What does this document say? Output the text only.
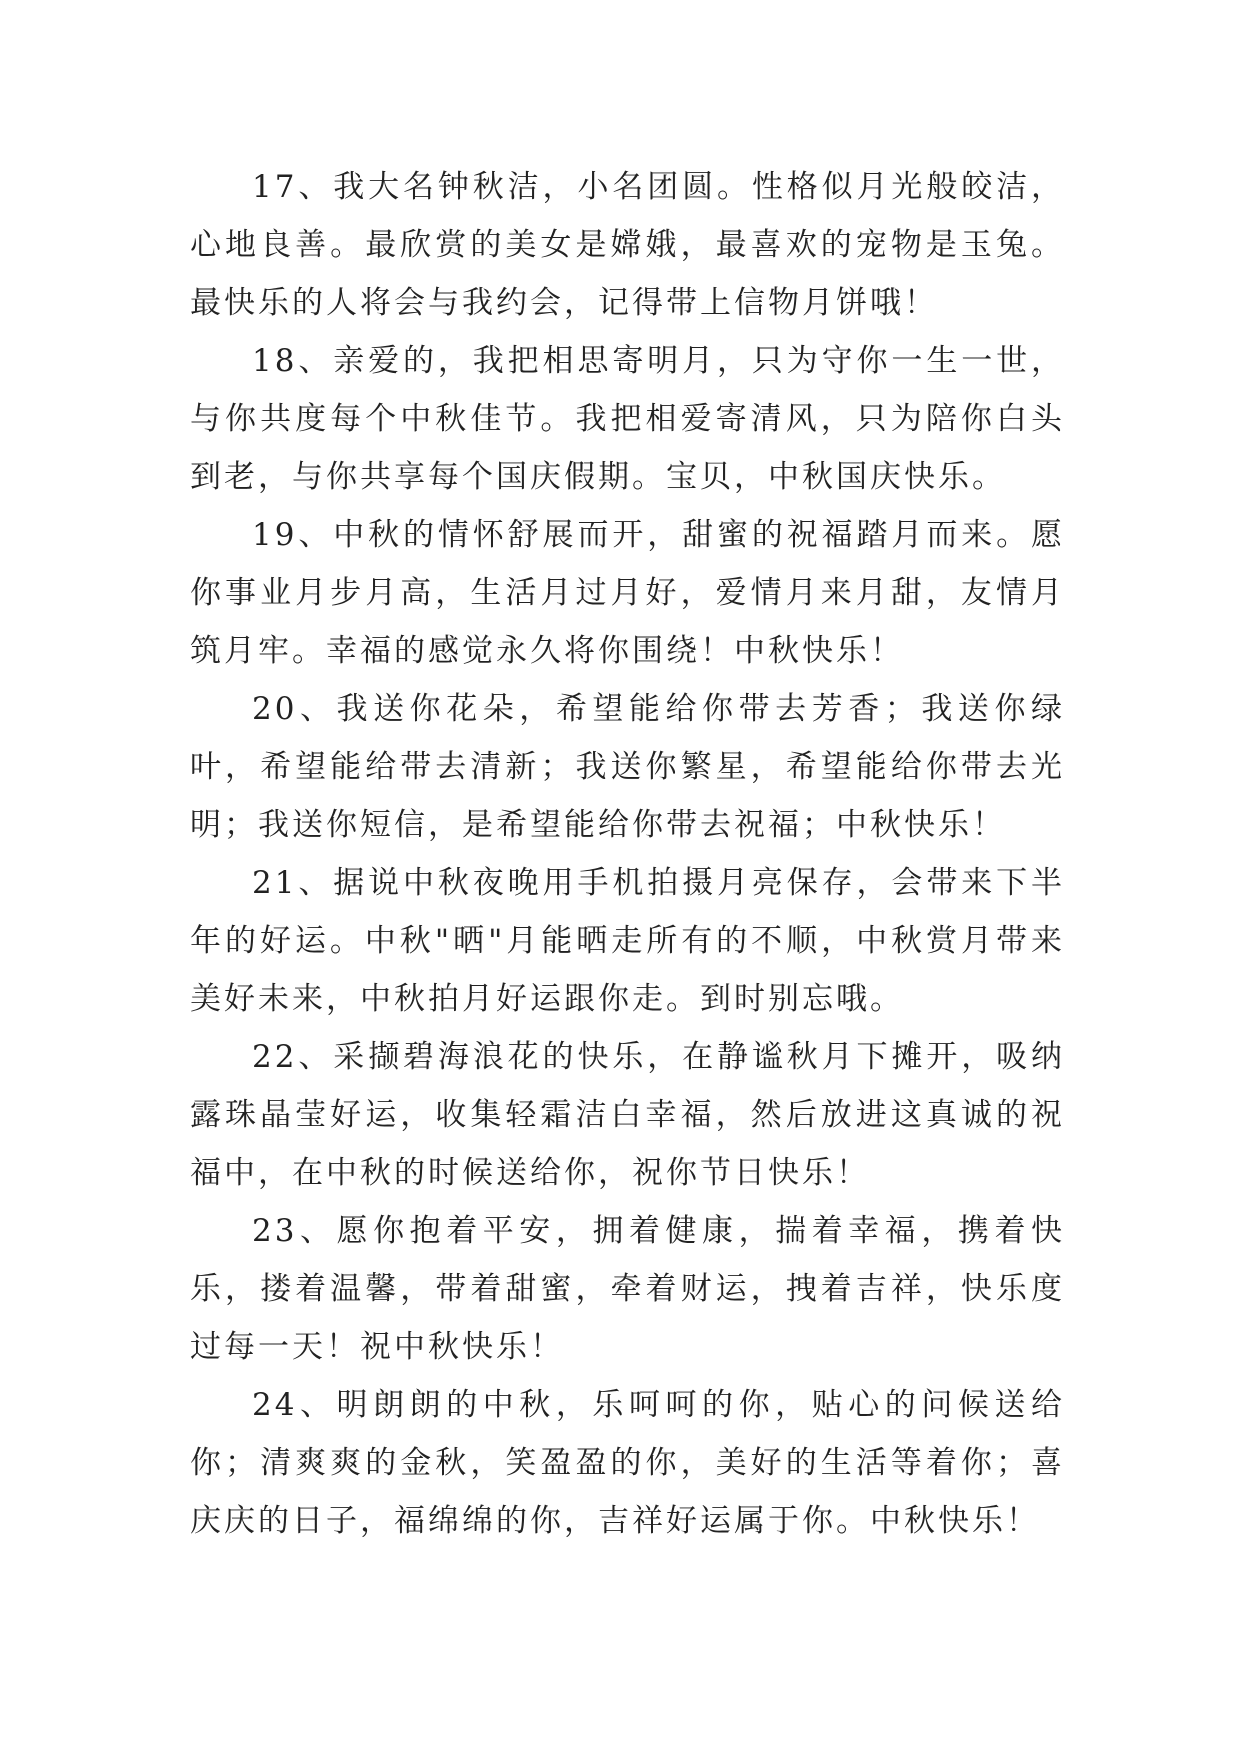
17、我大名钟秋洁，小名团圆。性格似月光般皎洁，心地良善。最欣赏的美女是嫦娥，最喜欢的宠物是玉兔。最快乐的人将会与我约会，记得带上信物月饼哦！

18、亲爱的，我把相思寄明月，只为守你一生一世，与你共度每个中秋佳节。我把相爱寄清风，只为陪你白头到老，与你共享每个国庆假期。宝贝，中秋国庆快乐。

19、中秋的情怀舒展而开，甜蜜的祝福踏月而来。愿你事业月步月高，生活月过月好，爱情月来月甜，友情月筑月牢。幸福的感觉永久将你围绕！中秋快乐！

20、我送你花朵，希望能给你带去芳香；我送你绿叶，希望能给带去清新；我送你繁星，希望能给你带去光明；我送你短信，是希望能给你带去祝福；中秋快乐！

21、据说中秋夜晚用手机拍摄月亮保存，会带来下半年的好运。中秋"晒"月能晒走所有的不顺，中秋赏月带来美好未来，中秋拍月好运跟你走。到时别忘哦。

22、采撷碧海浪花的快乐，在静谧秋月下摊开，吸纳露珠晶莹好运，收集轻霜洁白幸福，然后放进这真诚的祝福中，在中秋的时候送给你，祝你节日快乐！

23、愿你抱着平安，拥着健康，揣着幸福，携着快乐，搂着温馨，带着甜蜜，牵着财运，拽着吉祥，快乐度过每一天！祝中秋快乐！

24、明朗朗的中秋，乐呵呵的你，贴心的问候送给你；清爽爽的金秋，笑盈盈的你，美好的生活等着你；喜庆庆的日子，福绵绵的你，吉祥好运属于你。中秋快乐！
